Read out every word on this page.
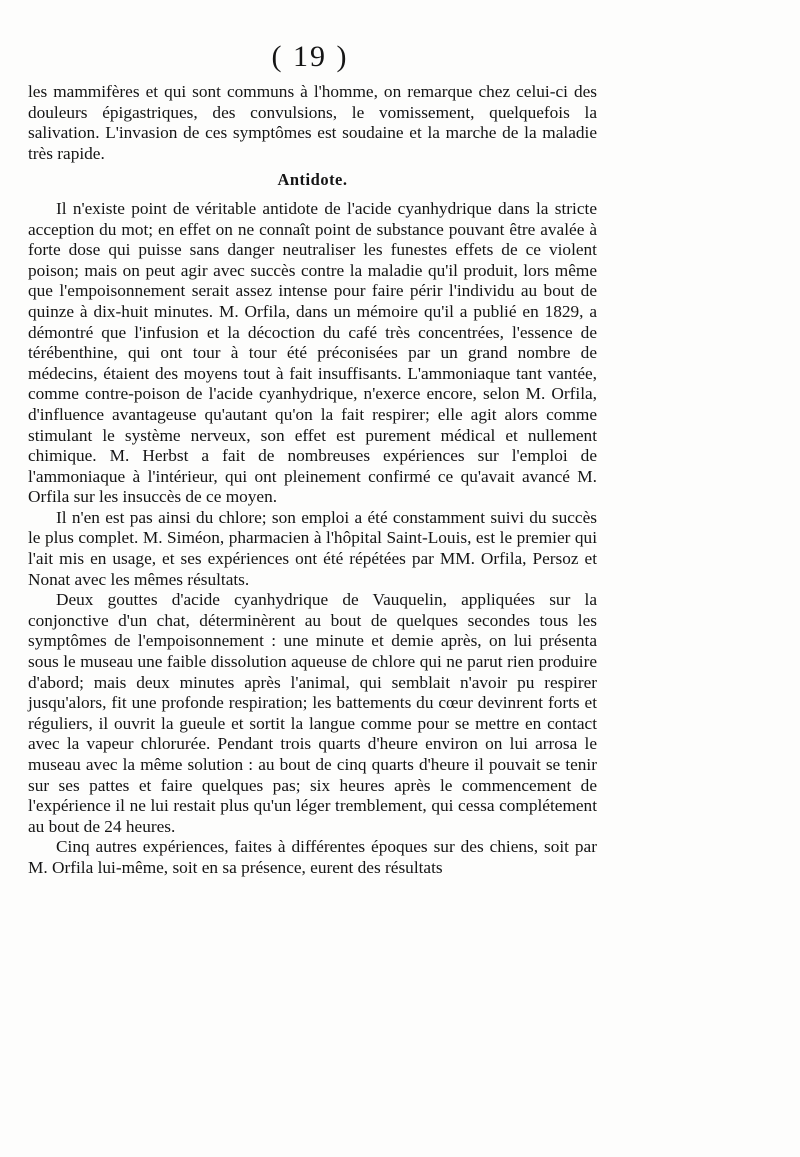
( 19 )

les mammifères et qui sont communs à l'homme, on remarque chez celui-ci des douleurs épigastriques, des convulsions, le vomissement, quelquefois la salivation. L'invasion de ces symptômes est soudaine et la marche de la maladie très rapide.

Antidote.

Il n'existe point de véritable antidote de l'acide cyanhydrique dans la stricte acception du mot; en effet on ne connaît point de substance pouvant être avalée à forte dose qui puisse sans danger neutraliser les funestes effets de ce violent poison; mais on peut agir avec succès contre la maladie qu'il produit, lors même que l'empoisonnement serait assez intense pour faire périr l'individu au bout de quinze à dix-huit minutes. M. Orfila, dans un mémoire qu'il a publié en 1829, a démontré que l'infusion et la décoction du café très concentrées, l'essence de térébenthine, qui ont tour à tour été préconisées par un grand nombre de médecins, étaient des moyens tout à fait insuffisants. L'ammoniaque tant vantée, comme contre-poison de l'acide cyanhydrique, n'exerce encore, selon M. Orfila, d'influence avantageuse qu'autant qu'on la fait respirer; elle agit alors comme stimulant le système nerveux, son effet est purement médical et nullement chimique. M. Herbst a fait de nombreuses expériences sur l'emploi de l'ammoniaque à l'intérieur, qui ont pleinement confirmé ce qu'avait avancé M. Orfila sur les insuccès de ce moyen.

Il n'en est pas ainsi du chlore; son emploi a été constamment suivi du succès le plus complet. M. Siméon, pharmacien à l'hôpital Saint-Louis, est le premier qui l'ait mis en usage, et ses expériences ont été répétées par MM. Orfila, Persoz et Nonat avec les mêmes résultats.

Deux gouttes d'acide cyanhydrique de Vauquelin, appliquées sur la conjonctive d'un chat, déterminèrent au bout de quelques secondes tous les symptômes de l'empoisonnement : une minute et demie après, on lui présenta sous le museau une faible dissolution aqueuse de chlore qui ne parut rien produire d'abord; mais deux minutes après l'animal, qui semblait n'avoir pu respirer jusqu'alors, fit une profonde respiration; les battements du cœur devinrent forts et réguliers, il ouvrit la gueule et sortit la langue comme pour se mettre en contact avec la vapeur chlorurée. Pendant trois quarts d'heure environ on lui arrosa le museau avec la même solution : au bout de cinq quarts d'heure il pouvait se tenir sur ses pattes et faire quelques pas; six heures après le commencement de l'expérience il ne lui restait plus qu'un léger tremblement, qui cessa complétement au bout de 24 heures.

Cinq autres expériences, faites à différentes époques sur des chiens, soit par M. Orfila lui-même, soit en sa présence, eurent des résultats
